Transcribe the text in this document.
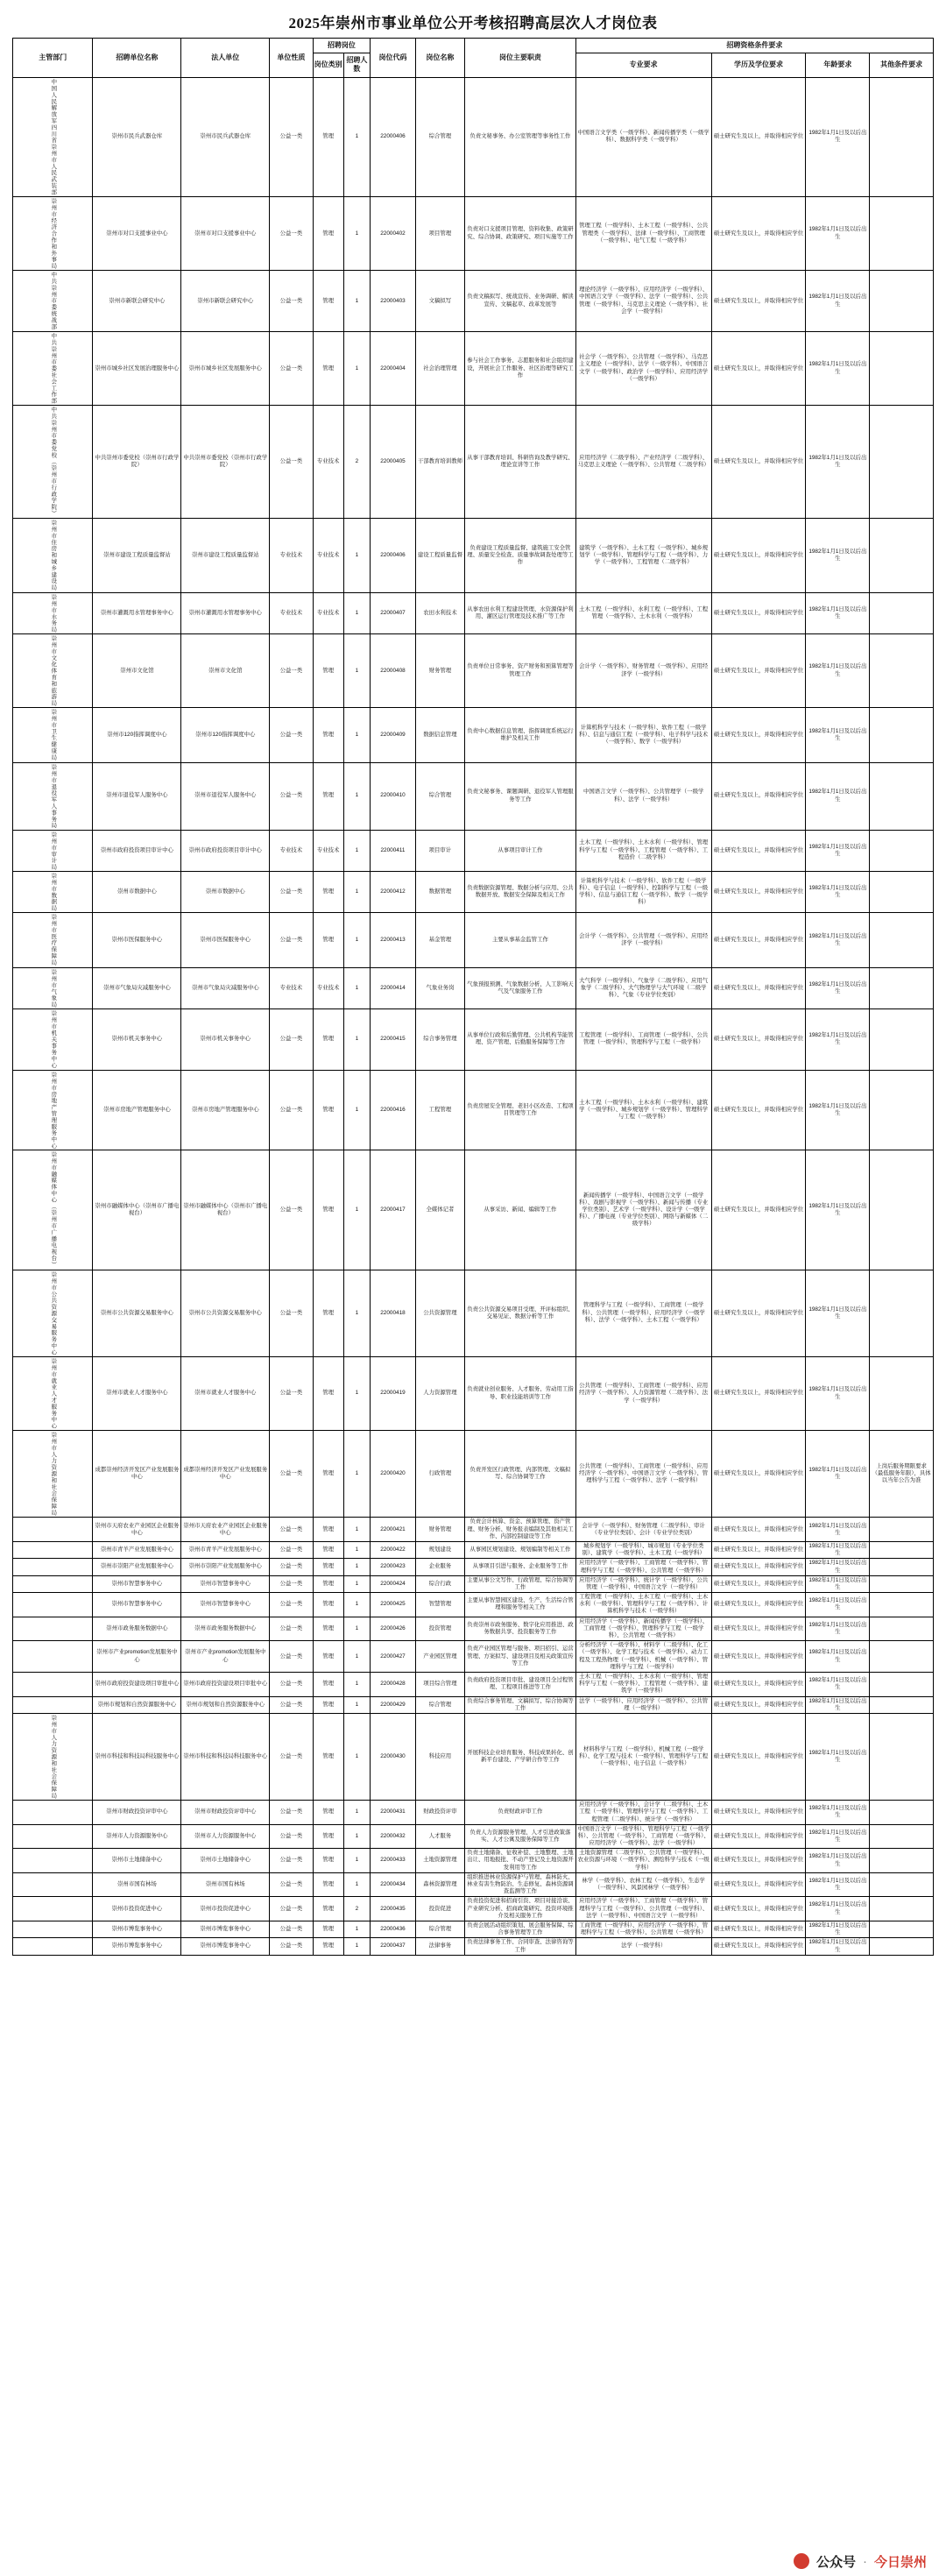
2025年崇州市事业单位公开考核招聘高层次人才岗位表
主管部门	招聘单位名称	法人单位	单位性质	招聘岗位		岗位代码	岗位名称	岗位主要职责	招聘资格条件要求			
				岗位类别	招聘人数				专业要求	学历及学位要求	年龄要求	其他条件要求
中国人民解放军四川省崇州市人民武装部	崇州市民兵武器仓库	崇州市民兵武器仓库	公益一类	管理	1	22000406	综合管理	负责文秘事务、办公室管理等事务性工作	中国语言文学类（一级学科）、新闻传播学类（一级学科）、数据科学类（一级学科）	硕士研究生及以上，并取得相应学位	1982年1月1日及以后出生	
崇州市经济合作和外事局	崇州市对口支援事业中心	崇州市对口支援事业中心	公益一类	管理	1	22000402	项目管理	负责对口支援项目管理、资料收集、政策研究、综合协调、政策研究、项目实施等工作	管理工程（一级学科）、土木工程（一级学科）、公共管理类（一级学科）、法律（一级学科）、工商管理（一级学科）、电气工程（一级学科）	硕士研究生及以上，并取得相应学位	1982年1月1日及以后出生	
中共崇州市委统战部	崇州市新联会研究中心	崇州市新联会研究中心	公益一类	管理	1	22000403	文稿拟写	负责文稿拟写、统战宣传、业务调研、解读宣传、文稿起草、改革发展等	理论经济学（一级学科）、应用经济学（一级学科）、中国语言文学（一级学科）、法学（一级学科）、公共管理（一级学科）、马克思主义理论（一级学科）、社会学（一级学科）	硕士研究生及以上，并取得相应学位	1982年1月1日及以后出生	
中共崇州市委社会工作部	崇州市城乡社区发展治理服务中心	崇州市城乡社区发展服务中心	公益一类	管理	1	22000404	社会治理管理	参与社会工作事务、志愿服务和社会组织建设，开展社会工作服务、社区治理等研究工作	社会学（一级学科）、公共管理（一级学科）、马克思主义理论（一级学科）、法学（一级学科）、中国语言文学（一级学科）、政治学（一级学科）、应用经济学（一级学科）	硕士研究生及以上，并取得相应学位	1982年1月1日及以后出生	
中共崇州市委党校（崇州市行政学院）	中共崇州市委党校（崇州市行政学院）	中共崇州市委党校（崇州市行政学院）	公益一类	专业技术	2	22000405	干部教育培训教师	从事干部教育培训、科研咨询及教学研究、理论宣讲等工作	应用经济学（二级学科）、产业经济学（二级学科）、马克思主义理论（一级学科）、公共管理（二级学科）	硕士研究生及以上，并取得相应学位	1982年1月1日及以后出生	
崇州市住房和城乡建设局	崇州市建设工程质量监督站	崇州市建设工程质量监督站	专业技术	专业技术	1	22000406	建设工程质量监督	负责建设工程质量监督、建筑施工安全管理、质量安全检查、质量事故调查处理等工作	建筑学（一级学科）、土木工程（一级学科）、城乡规划学（一级学科）、管理科学与工程（一级学科）、力学（一级学科）、工程管理（二级学科）	硕士研究生及以上，并取得相应学位	1982年1月1日及以后出生	
崇州市水务局	崇州市灌溉用水管理事务中心	崇州市灌溉用水管理事务中心	专业技术	专业技术	1	22000407	农田水利技术	从事农田水利工程建设管理、水资源保护利用、灌区运行管理及技术推广等工作	土木工程（一级学科）、水利工程（一级学科）、工程管理（一级学科）、土木水利（一级学科）	硕士研究生及以上，并取得相应学位	1982年1月1日及以后出生	
崇州市文化体育和旅游局	崇州市文化馆	崇州市文化馆	公益一类	管理	1	22000408	财务管理	负责单位日常事务、资产财务和预算管理等管理工作	会计学（一级学科）、财务管理（一级学科）、应用经济学（一级学科）	硕士研究生及以上，并取得相应学位	1982年1月1日及以后出生	
崇州市卫生健康局	崇州市120指挥调度中心	崇州市120指挥调度中心	公益一类	管理	1	22000409	数据信息管理	负责中心数据信息管理、指挥调度系统运行维护及相关工作	计算机科学与技术（一级学科）、软件工程（一级学科）、信息与通信工程（一级学科）、电子科学与技术（一级学科）、数学（一级学科）	硕士研究生及以上，并取得相应学位	1982年1月1日及以后出生	
崇州市退役军人事务局	崇州市退役军人服务中心	崇州市退役军人服务中心	公益一类	管理	1	22000410	综合管理	负责文秘事务、课题调研、退役军人管理服务等工作	中国语言文学（一级学科）、公共管理学（一级学科）、法学（一级学科）	硕士研究生及以上，并取得相应学位	1982年1月1日及以后出生	
崇州市审计局	崇州市政府投资项目审计中心	崇州市政府投资项目审计中心	专业技术	专业技术	1	22000411	项目审计	从事项目审计工作	土木工程（一级学科）、土木水利（一级学科）、管理科学与工程（一级学科）、工程管理（一级学科）、工程造价（二级学科）	硕士研究生及以上，并取得相应学位	1982年1月1日及以后出生	
崇州市数据局	崇州市数据中心	崇州市数据中心	公益一类	管理	1	22000412	数据管理	负责数据资源管理、数据分析与应用、公共数据开放、数据安全保障及相关工作	计算机科学与技术（一级学科）、软件工程（一级学科）、电子信息（一级学科）、控制科学与工程（一级学科）、信息与通信工程（一级学科）、数学（一级学科）	硕士研究生及以上，并取得相应学位	1982年1月1日及以后出生	
崇州市医疗保障局	崇州市医保服务中心	崇州市医保服务中心	公益一类	管理	1	22000413	基金管理	主要从事基金监管工作	会计学（一级学科）、公共管理（一级学科）、应用经济学（一级学科）	硕士研究生及以上，并取得相应学位	1982年1月1日及以后出生	
崇州市气象局	崇州市气象局灾减服务中心	崇州市气象局灾减服务中心	专业技术	专业技术	1	22000414	气象业务岗	气象预报预测、气象数据分析、人工影响天气及气象服务工作	大气科学（一级学科）、气象学（二级学科）、应用气象学（二级学科）、大气物理学与大气环境（二级学科）、气象（专业学位类别）	硕士研究生及以上，并取得相应学位	1982年1月1日及以后出生	
崇州市机关事务中心	崇州市机关事务中心	崇州市机关事务中心	公益一类	管理	1	22000415	综合事务管理	从事单位行政和后勤管理、公共机构节能管理、资产管理、后勤服务保障等工作	工程管理（一级学科）、工商管理（一级学科）、公共管理（一级学科）、管理科学与工程（一级学科）	硕士研究生及以上，并取得相应学位	1982年1月1日及以后出生	
崇州市房地产管理服务中心	崇州市房地产管理服务中心	崇州市房地产管理服务中心	公益一类	管理	1	22000416	工程管理	负责房屋安全管理、老旧小区改造、工程项目管理等工作	土木工程（一级学科）、土木水利（一级学科）、建筑学（一级学科）、城乡规划学（一级学科）、管理科学与工程（一级学科）	硕士研究生及以上，并取得相应学位	1982年1月1日及以后出生	
崇州市融媒体中心（崇州市广播电视台）	崇州市融媒体中心（崇州市广播电视台）	崇州市融媒体中心（崇州市广播电视台）	公益一类	管理	1	22000417	全媒体记者	从事采访、新闻、编辑等工作	新闻传播学（一级学科）、中国语言文学（一级学科）、戏剧与影视学（一级学科）、新闻与传播（专业学位类别）、艺术学（一级学科）、设计学（一级学科）、广播电视（专业学位类别）、网络与新媒体（二级学科）	硕士研究生及以上，并取得相应学位	1982年1月1日及以后出生	
崇州市公共资源交易服务中心	崇州市公共资源交易服务中心	崇州市公共资源交易服务中心	公益一类	管理	1	22000418	公共资源管理	负责公共资源交易项目受理、开评标组织、交易见证、数据分析等工作	管理科学与工程（一级学科）、工商管理（一级学科）、公共管理（一级学科）、应用经济学（一级学科）、法学（一级学科）、土木工程（一级学科）	硕士研究生及以上，并取得相应学位	1982年1月1日及以后出生	
崇州市就业人才服务中心	崇州市就业人才服务中心	崇州市就业人才服务中心	公益一类	管理	1	22000419	人力资源管理	负责就业创业服务、人才服务、劳动用工指导、职业技能培训等工作	公共管理（一级学科）、工商管理（一级学科）、应用经济学（一级学科）、人力资源管理（二级学科）、法学（一级学科）	硕士研究生及以上，并取得相应学位	1982年1月1日及以后出生	
崇州市人力资源和社会保障局	成都崇州经济开发区产业发展服务中心	成都崇州经济开发区产业发展服务中心	公益一类	管理	1	22000420	行政管理	负责开发区行政管理、内部管理、文稿拟写、综合协调等工作	公共管理（一级学科）、工商管理（一级学科）、应用经济学（一级学科）、中国语言文学（一级学科）、管理科学与工程（一级学科）、法学（一级学科）	硕士研究生及以上，并取得相应学位	1982年1月1日及以后出生	上岗后服务期限要求（最低服务年限），具体以当年公告为准
	崇州市天府农业产业园区企业服务中心	崇州市天府农业产业园区企业服务中心	公益一类	管理	1	22000421	财务管理	负责会计核算、资金、预算管理、资产管理、财务分析、财务报表编制及其他相关工作、内部控制建设等工作	会计学（一级学科）、财务管理（二级学科）、审计（专业学位类别）、会计（专业学位类别）	硕士研究生及以上，并取得相应学位	1982年1月1日及以后出生	
	崇州市青羊产业发展服务中心	崇州市青羊产业发展服务中心	公益一类	管理	1	22000422	规划建设	从事园区规划建设、规划编制等相关工作	城乡规划学（一级学科）、城市规划（专业学位类别）、建筑学（一级学科）、土木工程（一级学科）	硕士研究生及以上，并取得相应学位	1982年1月1日及以后出生	
	崇州市崇阳产业发展服务中心	崇州市崇阳产业发展服务中心	公益一类	管理	1	22000423	企业服务	从事项目引进与服务、企业服务等工作	应用经济学（一级学科）、工商管理（一级学科）、管理科学与工程（一级学科）、公共管理（一级学科）	硕士研究生及以上，并取得相应学位	1982年1月1日及以后出生	
	崇州市智慧事务中心	崇州市智慧事务中心	公益一类	管理	1	22000424	综合行政	主要从事公文写作、行政管理、综合协调等工作	应用经济学（一级学科）、统计学（一级学科）、公共管理（一级学科）、中国语言文学（一级学科）	硕士研究生及以上，并取得相应学位	1982年1月1日及以后出生	
	崇州市智慧事务中心	崇州市智慧事务中心	公益一类	管理	1	22000425	智慧管理	主要从事智慧园区建设、生产、生活综合管理和服务等相关工作	工程管理（一级学科）、土木工程（一级学科）、土木水利（一级学科）、管理科学与工程（一级学科）、计算机科学与技术（一级学科）	硕士研究生及以上，并取得相应学位	1982年1月1日及以后出生	
	崇州市政务服务数据中心	崇州市政务服务数据中心	公益一类	管理	1	22000426	投资管理	负责崇州市政务服务、数字化应用推进、政务数据共享、投资服务等工作	应用经济学（一级学科）、新闻传播学（一级学科）、工商管理（一级学科）、管理科学与工程（一级学科）、公共管理（一级学科）	硕士研究生及以上，并取得相应学位	1982年1月1日及以后出生	
	崇州市产业promotion发展服务中心	崇州市产业promotion发展服务中心	公益一类	管理	1	22000427	产业园区管理	负责产业园区管理与服务、项目招引、运营管理、方案拟写、建设项目及相关政策宣传等工作	分析经济学（一级学科）、材料学（二级学科）、化工（一级学科）、化学工程与技术（一级学科）、动力工程及工程热物理（一级学科）、机械（一级学科）、管理科学与工程（一级学科）	硕士研究生及以上，并取得相应学位	1982年1月1日及以后出生	
	崇州市政府投资建设项目审批中心	崇州市政府投资建设项目审批中心	公益一类	管理	1	22000428	项目综合管理	负责政府投资项目审批、建设项目全过程管理、工程项目推进等工作	土木工程（一级学科）、土木水利（一级学科）、管理科学与工程（一级学科）、工程管理（一级学科）、建筑学（一级学科）	硕士研究生及以上，并取得相应学位	1982年1月1日及以后出生	
	崇州市规划和自然资源服务中心	崇州市规划和自然资源服务中心	公益一类	管理	1	22000429	综合管理	负责综合事务管理、文稿拟写、综合协调等工作	法学（一级学科）、应用经济学（一级学科）、公共管理（一级学科）	硕士研究生及以上，并取得相应学位	1982年1月1日及以后出生	
崇州市人力资源和社会保障局	崇州市科技和科技局科技服务中心	崇州市科技和科技局科技服务中心	公益一类	管理	1	22000430	科技应用	开展科技企业培育服务、科技成果转化、创新平台建设、产学研合作等工作	材料科学与工程（一级学科）、机械工程（一级学科）、化学工程与技术（一级学科）、管理科学与工程（一级学科）、电子信息（一级学科）	硕士研究生及以上，并取得相应学位	1982年1月1日及以后出生	
	崇州市财政投资评审中心	崇州市财政投资评审中心	公益一类	管理	1	22000431	财政投资评审	负责财政评审工作	应用经济学（一级学科）、会计学（二级学科）、土木工程（一级学科）、管理科学与工程（一级学科）、工程管理（二级学科）、统计学（一级学科）	硕士研究生及以上，并取得相应学位	1982年1月1日及以后出生	
	崇州市人力资源服务中心	崇州市人力资源服务中心	公益一类	管理	1	22000432	人才服务	负责人力资源服务管理、人才引进政策落实、人才公寓及服务保障等工作	中国语言文学（一级学科）、管理科学与工程（一级学科）、公共管理（一级学科）、工商管理（一级学科）、应用经济学（一级学科）、法学（一级学科）	硕士研究生及以上，并取得相应学位	1982年1月1日及以后出生	
	崇州市土地储备中心	崇州市土地储备中心	公益一类	管理	1	22000433	土地资源管理	负责土地储备、征收补偿、土地整理、土地出让、用地报批、不动产登记及土地资源开发利用等工作	土地资源管理（二级学科）、公共管理（一级学科）、农业资源与环境（一级学科）、测绘科学与技术（一级学科）	硕士研究生及以上，并取得相应学位	1982年1月1日及以后出生	
	崇州市国有林场	崇州市国有林场	公益一类	管理	1	22000434	森林资源管理	组织推进林业资源保护与管理、森林防火、林业有害生物防治、生态修复、森林资源调查监测等工作	林学（一级学科）、农林工程（一级学科）、生态学（一级学科）、风景园林学（一级学科）	硕士研究生及以上，并取得相应学位	1982年1月1日及以后出生	
	崇州市投资促进中心	崇州市投资促进中心	公益一类	管理	2	22000435	投资促进	负责投资促进和招商引资、项目对接洽谈、产业研究分析、招商政策研究、投资环境推介及相关服务工作	应用经济学（一级学科）、工商管理（一级学科）、管理科学与工程（一级学科）、公共管理（一级学科）、法学（一级学科）、中国语言文学（一级学科）	硕士研究生及以上，并取得相应学位	1982年1月1日及以后出生	
	崇州市博览事务中心	崇州市博览事务中心	公益一类	管理	1	22000436	综合管理	负责会展活动组织策划、展会服务保障、综合事务管理等工作	工商管理（一级学科）、应用经济学（一级学科）、管理科学与工程（一级学科）、公共管理（一级学科）	硕士研究生及以上，并取得相应学位	1982年1月1日及以后出生	
	崇州市博览事务中心	崇州市博览事务中心	公益一类	管理	1	22000437	法律事务	负责法律事务工作、合同审查、法律咨询等工作	法学（一级学科）	硕士研究生及以上，并取得相应学位	1982年1月1日及以后出生	
公众号 · 今日崇州
